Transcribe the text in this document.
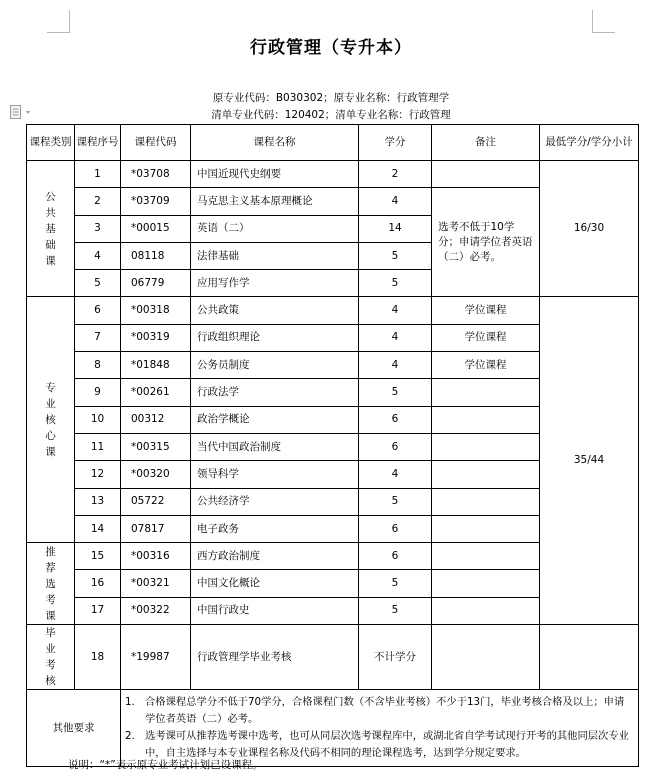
行政管理（专升本）
原专业代码：B030302；原专业名称：行政管理学
清单专业代码：120402；清单专业名称：行政管理
课程类别	课程序号	课程代码	课程名称	学分	备注	最低学分/学分小计
公
共
基
础
课	1	*03708	中国近现代史纲要	2		16/30
	2	*03709	马克思主义基本原理概论	4	选考不低于10学分；申请学位者英语（二）必考。	
	3	*00015	英语（二）	14		
	4	08118	法律基础	5		
	5	06779	应用写作学	5		
专
业
核
心
课	6	*00318	公共政策	4	学位课程	35/44
	7	*00319	行政组织理论	4	学位课程	
	8	*01848	公务员制度	4	学位课程	
	9	*00261	行政法学	5		
	10	00312	政治学概论	6		
	11	*00315	当代中国政治制度	6		
	12	*00320	领导科学	4		
	13	05722	公共经济学	5		
	14	07817	电子政务	6		
推
荐
选
考
课	15	*00316	西方政治制度	6		
	16	*00321	中国文化概论	5		
	17	*00322	中国行政史	5		
毕
业
考
核	18	*19987	行政管理学毕业考核	不计学分		
其他要求		1. 合格课程总学分不低于70学分，合格课程门数（不含毕业考核）不少于13门，毕业考核合格及以上；申请学位者英语（二）必考。
2. 选考课可从推荐选考课中选考，也可从同层次选考课程库中，或湖北省自学考试现行开考的其他同层次专业中，自主选择与本专业课程名称及代码不相同的理论课程选考，达到学分规定要求。				
说明：“*”表示原专业考试计划已设课程。
